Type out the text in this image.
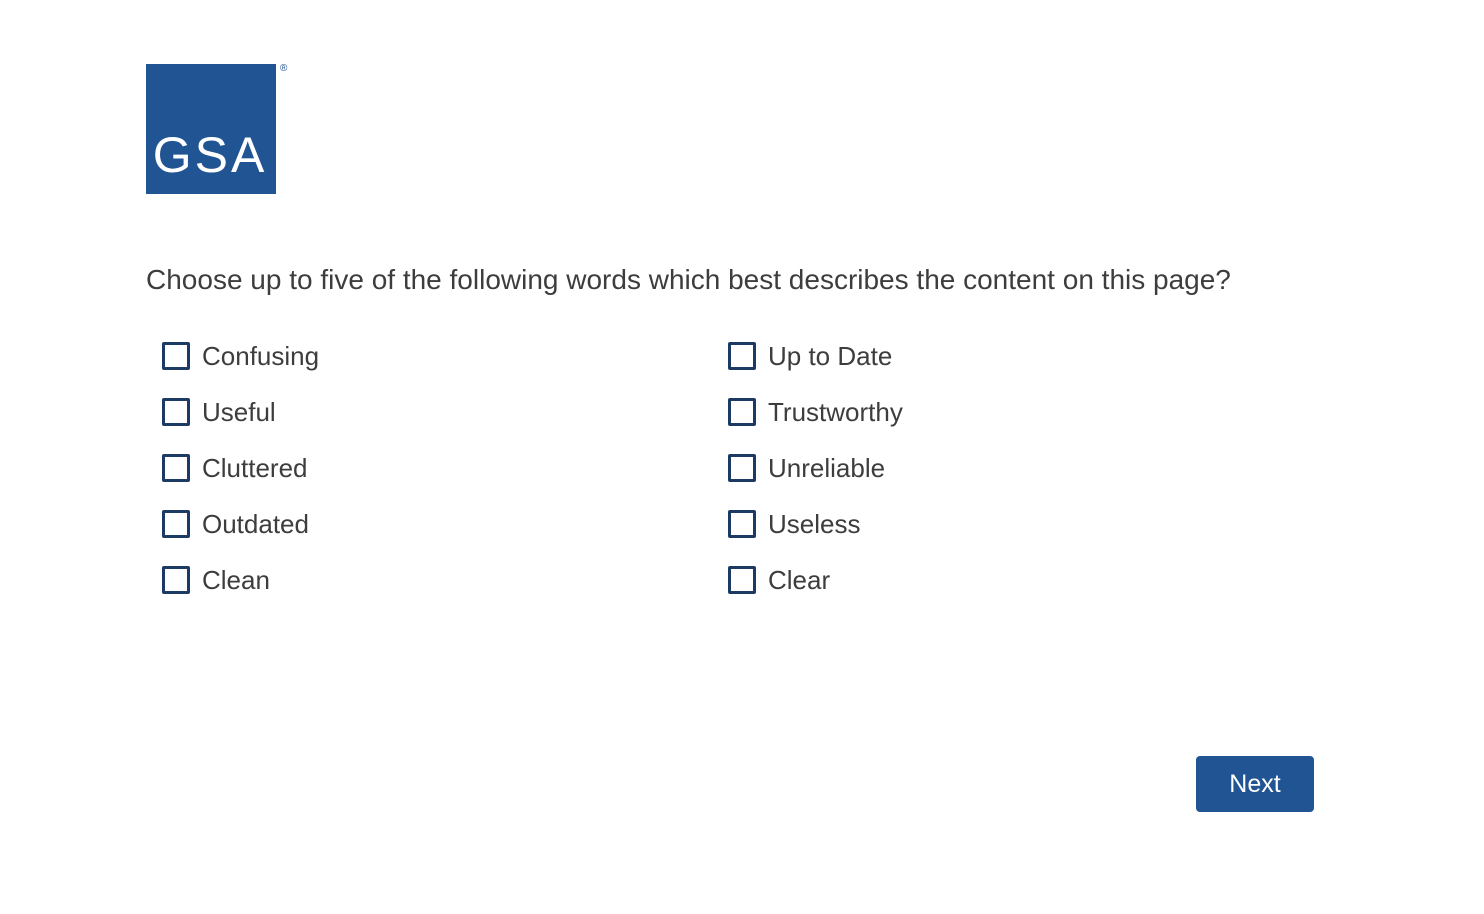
GSA
®
Choose up to five of the following words which best describes the content on this page?
Confusing
Useful
Cluttered
Outdated
Clean
Up to Date
Trustworthy
Unreliable
Useless
Clear
Next
